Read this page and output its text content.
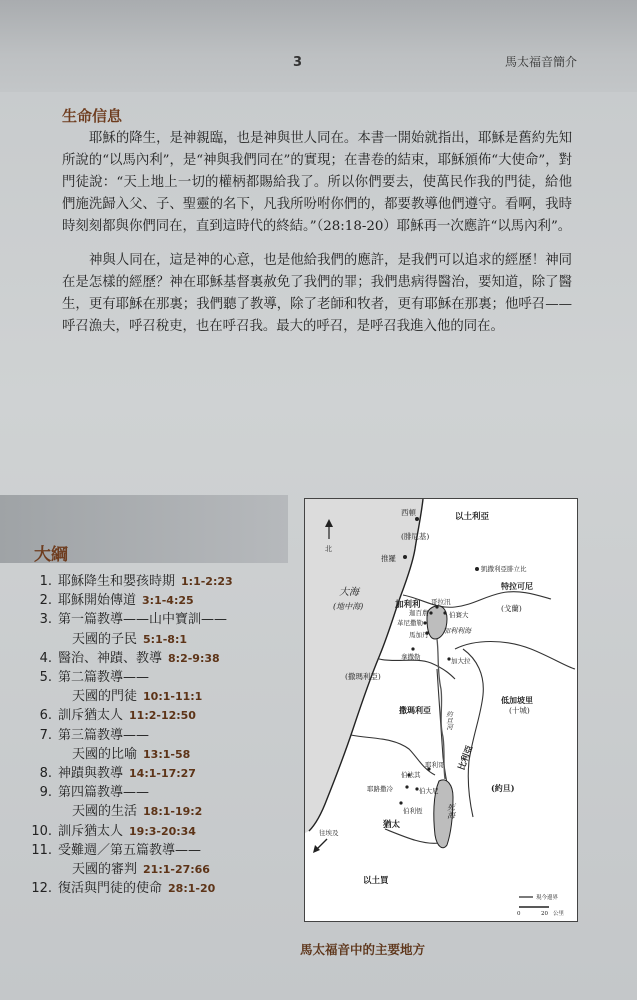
3	馬太福音簡介
生命信息
耶穌的降生，是神親臨，也是神與世人同在。本書一開始就指出，耶穌是舊約先知所說的“以馬內利”，是“神與我們同在”的實現；在書卷的結束，耶穌頒佈“大使命”，對門徒說：“天上地上一切的權柄都賜給我了。所以你們要去，使萬民作我的門徒，給他們施洗歸入父、子、聖靈的名下，凡我所吩咐你們的，都要教導他們遵守。看啊，我時時刻刻都與你們同在，直到這時代的終結。”（28:18-20）耶穌再一次應許“以馬內利”。
神與人同在，這是神的心意，也是他給我們的應許，是我們可以追求的經歷！神同在是怎樣的經歷？神在耶穌基督裏赦免了我們的罪；我們患病得醫治，要知道，除了醫生，更有耶穌在那裏；我們聽了教導，除了老師和牧者，更有耶穌在那裏；他呼召——呼召漁夫，呼召稅吏，也在呼召我。最大的呼召，是呼召我進入他的同在。
大綱
1. 耶穌降生和嬰孩時期 1:1-2:23
2. 耶穌開始傳道 3:1-4:25
3. 第一篇教導——山中寶訓——
天國的子民 5:1-8:1
4. 醫治、神蹟、教導 8:2-9:38
5. 第二篇教導——
天國的門徒 10:1-11:1
6. 訓斥猶太人 11:2-12:50
7. 第三篇教導——
天國的比喻 13:1-58
8. 神蹟與教導 14:1-17:27
9. 第四篇教導——
天國的生活 18:1-19:2
10. 訓斥猶太人 19:3-20:34
11. 受難週／第五篇教導——
天國的審判 21:1-27:66
12. 復活與門徒的使命 28:1-20
北
西頓	以土利亞
(腓尼基)
推羅
凱撒利亞腓立比
特拉可尼
大海
(地中海)	加利利	(戈蘭)
哥拉汛
迦百農	伯賽大
革尼撒勒
馬加丹 加利利海
拿撒勒	加大拉
(撒瑪利亞)
低加坡里
(十城)
撒瑪利亞
約旦河
比利亞
耶利哥
伯法其
耶路撒冷	伯大尼
伯利恆	死海
(約旦)
猶太
往埃及
以土買
現今邊界
0	20 公里
馬太福音中的主要地方
